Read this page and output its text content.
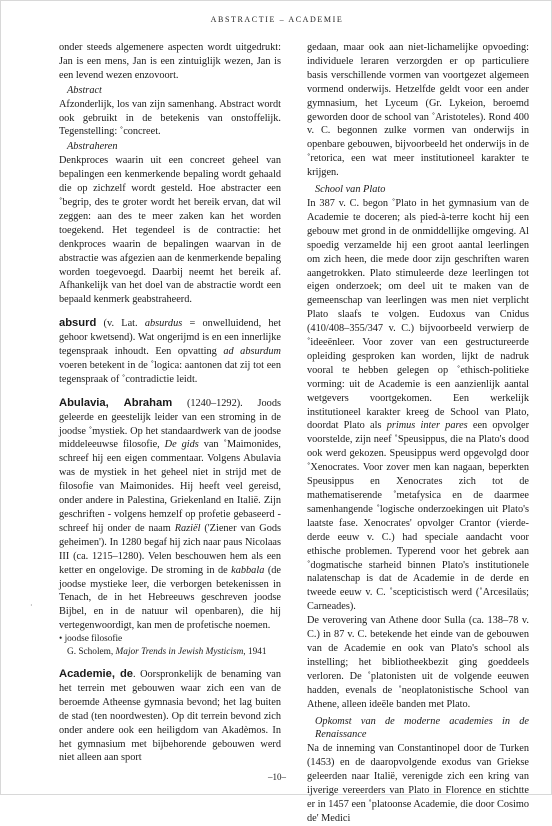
ABSTRACTIE – ACADEMIE
·

onder steeds algemenere aspecten wordt uitgedrukt: Jan is een mens, Jan is een zintuiglijk wezen, Jan is een levend wezen enzovoort.

Abstract

Afzonderlijk, los van zijn samenhang. Abstract wordt ook gebruikt in de betekenis van onstoffelijk. Tegenstelling: ˚concreet.

Abstraheren

Denkproces waarin uit een concreet geheel van bepalingen een kenmerkende bepaling wordt gehaald die op zichzelf wordt gesteld. Hoe abstracter een ˚begrip, des te groter wordt het bereik ervan, dat wil zeggen: aan des te meer zaken kan het worden toegekend. Het tegendeel is de contractie: het denkproces waarin de bepalingen waarvan in de abstractie was afgezien aan de kenmerkende bepaling worden toegevoegd. Daarbij neemt het bereik af. Afhankelijk van het doel van de abstractie wordt een bepaald kenmerk geabstraheerd.

absurd (v. Lat. absurdus = onwelluidend, het gehoor kwetsend). Wat ongerijmd is en een innerlijke tegenspraak inhoudt. Een opvatting ad absurdum voeren betekent in de ˚logica: aantonen dat zij tot een tegenspraak of ˚contradictie leidt.

Abulavia, Abraham (1240–1292). Joods geleerde en geestelijk leider van een stroming in de joodse ˚mystiek. Op het standaardwerk van de joodse middeleeuwse filosofie, De gids van ˚Maimonides, schreef hij een eigen commentaar. Volgens Abulavia was de mystiek in het geheel niet in strijd met de filosofie van Maimonides. Hij heeft veel gereisd, onder andere in Palestina, Griekenland en Italië. Zijn geschriften - volgens hemzelf op profetie gebaseerd - schreef hij onder de naam Raziël ('Ziener van Gods geheimen'). In 1280 begaf hij zich naar paus Nicolaas III (ca. 1215–1280). Velen beschouwen hem als een ketter en ongelovige. De stroming in de kabbala (de joodse mystieke leer, die verborgen betekenissen in Tenach, de in het Hebreeuws geschreven joodse Bijbel, en in de natuur wil openbaren), die hij vertegenwoordigt, kan men de profetische noemen.

• joodse filosofie

G. Scholem, Major Trends in Jewish Mysticism, 1941

Academie, de. Oorspronkelijk de benaming van het terrein met gebouwen waar zich een van de beroemde Atheense gymnasia bevond; het lag buiten de stad (ten noordwesten). Op dit terrein bevond zich onder andere ook een heiligdom van Akadèmos. In het gymnasium met bijbehorende gebouwen werd niet alleen aan sport

gedaan, maar ook aan niet-lichamelijke opvoeding: individuele leraren verzorgden er op particuliere basis verschillende vormen van voortgezet algemeen vormend onderwijs. Hetzelfde geldt voor een ander gymnasium, het Lyceum (Gr. Lykeion, beroemd geworden door de school van ˚Aristoteles). Rond 400 v. C. begonnen zulke vormen van onderwijs in openbare gebouwen, bijvoorbeeld het onderwijs in de ˚retorica, een wat meer institutioneel karakter te krijgen.

School van Plato

In 387 v. C. begon ˚Plato in het gymnasium van de Academie te doceren; als pied-à-terre kocht hij een gebouw met grond in de onmiddellijke omgeving. Al spoedig verzamelde hij een groot aantal leerlingen om zich heen, die mede door zijn geschriften waren aangetrokken. Plato stimuleerde deze leerlingen tot eigen onderzoek; om deel uit te maken van de gemeenschap van leerlingen was men niet verplicht Plato slaafs te volgen. Eudoxus van Cnidus (410/408–355/347 v. C.) bijvoorbeeld verwierp de ˚ideeënleer. Voor zover van een gestructureerde opleiding gesproken kan worden, lijkt de nadruk vooral te hebben gelegen op ˚ethisch-politieke vorming: uit de Academie is een aanzienlijk aantal wetgevers voortgekomen. Een werkelijk institutioneel karakter kreeg de School van Plato, doordat Plato als primus inter pares een opvolger voorstelde, zijn neef ˚Speusippus, die na Plato's dood ook werd gekozen. Speusippus werd opgevolgd door ˚Xenocrates. Voor zover men kan nagaan, beperkten Speusippus en Xenocrates zich tot de mathematiserende ˚metafysica en de daarmee samenhangende ˚logische onderzoekingen uit Plato's laatste fase. Xenocrates' opvolger Crantor (vierde-derde eeuw v. C.) had speciale aandacht voor ethische problemen. Typerend voor het gebrek aan ˚dogmatische starheid binnen Plato's institutionele nalatenschap is dat de Academie in de derde en tweede eeuw v. C. ˚scepticistisch werd (˚Arcesilaüs; Carneades).

De verovering van Athene door Sulla (ca. 138–78 v. C.) in 87 v. C. betekende het einde van de gebouwen van de Academie en ook van Plato's school als instelling; het bibliotheekbezit ging goeddeels verloren. De ˚platonisten uit de volgende eeuwen hadden, evenals de ˚neoplatonistische School van Athene, alleen ideële banden met Plato.

Opkomst van de moderne academies in de Renaissance

Na de inneming van Constantinopel door de Turken (1453) en de daaropvolgende exodus van Griekse geleerden naar Italië, verenigde zich een kring van ijverige vereerders van Plato in Florence en stichtte er in 1457 een ˚platoonse Academie, die door Cosimo de' Medici

–10–
